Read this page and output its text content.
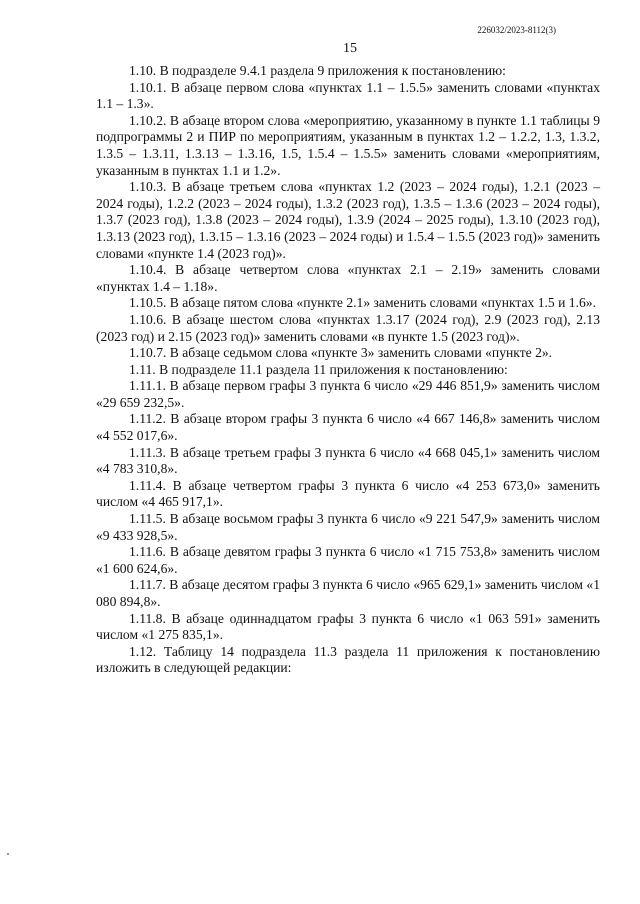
226032/2023-8112(3)
15

1.10. В подразделе 9.4.1 раздела 9 приложения к постановлению:

1.10.1. В абзаце первом слова «пунктах 1.1 – 1.5.5» заменить словами «пунктах 1.1 – 1.3».

1.10.2. В абзаце втором слова «мероприятию, указанному в пункте 1.1 таблицы 9 подпрограммы 2 и ПИР по мероприятиям, указанным в пунктах 1.2 – 1.2.2, 1.3, 1.3.2, 1.3.5 – 1.3.11, 1.3.13 – 1.3.16, 1.5, 1.5.4 – 1.5.5» заменить словами «мероприятиям, указанным в пунктах 1.1 и 1.2».

1.10.3. В абзаце третьем слова «пунктах 1.2 (2023 – 2024 годы), 1.2.1 (2023 – 2024 годы), 1.2.2 (2023 – 2024 годы), 1.3.2 (2023 год), 1.3.5 – 1.3.6 (2023 – 2024 годы), 1.3.7 (2023 год), 1.3.8 (2023 – 2024 годы), 1.3.9 (2024 – 2025 годы), 1.3.10 (2023 год), 1.3.13 (2023 год), 1.3.15 – 1.3.16 (2023 – 2024 годы) и 1.5.4 – 1.5.5 (2023 год)» заменить словами «пункте 1.4 (2023 год)».

1.10.4. В абзаце четвертом слова «пунктах 2.1 – 2.19» заменить словами «пунктах 1.4 – 1.18».

1.10.5. В абзаце пятом слова «пункте 2.1» заменить словами «пунктах 1.5 и 1.6».

1.10.6. В абзаце шестом слова «пунктах 1.3.17 (2024 год), 2.9 (2023 год), 2.13 (2023 год) и 2.15 (2023 год)» заменить словами «в пункте 1.5 (2023 год)».

1.10.7. В абзаце седьмом слова «пункте 3» заменить словами «пункте 2».

1.11. В подразделе 11.1 раздела 11 приложения к постановлению:

1.11.1. В абзаце первом графы 3 пункта 6 число «29 446 851,9» заменить числом «29 659 232,5».

1.11.2. В абзаце втором графы 3 пункта 6 число «4 667 146,8» заменить числом «4 552 017,6».

1.11.3. В абзаце третьем графы 3 пункта 6 число «4 668 045,1» заменить числом «4 783 310,8».

1.11.4. В абзаце четвертом графы 3 пункта 6 число «4 253 673,0» заменить числом «4 465 917,1».

1.11.5. В абзаце восьмом графы 3 пункта 6 число «9 221 547,9» заменить числом «9 433 928,5».

1.11.6. В абзаце девятом графы 3 пункта 6 число «1 715 753,8» заменить числом «1 600 624,6».

1.11.7. В абзаце десятом графы 3 пункта 6 число «965 629,1» заменить числом «1 080 894,8».

1.11.8. В абзаце одиннадцатом графы 3 пункта 6 число «1 063 591» заменить числом «1 275 835,1».

1.12. Таблицу 14 подраздела 11.3 раздела 11 приложения к постановлению изложить в следующей редакции:
